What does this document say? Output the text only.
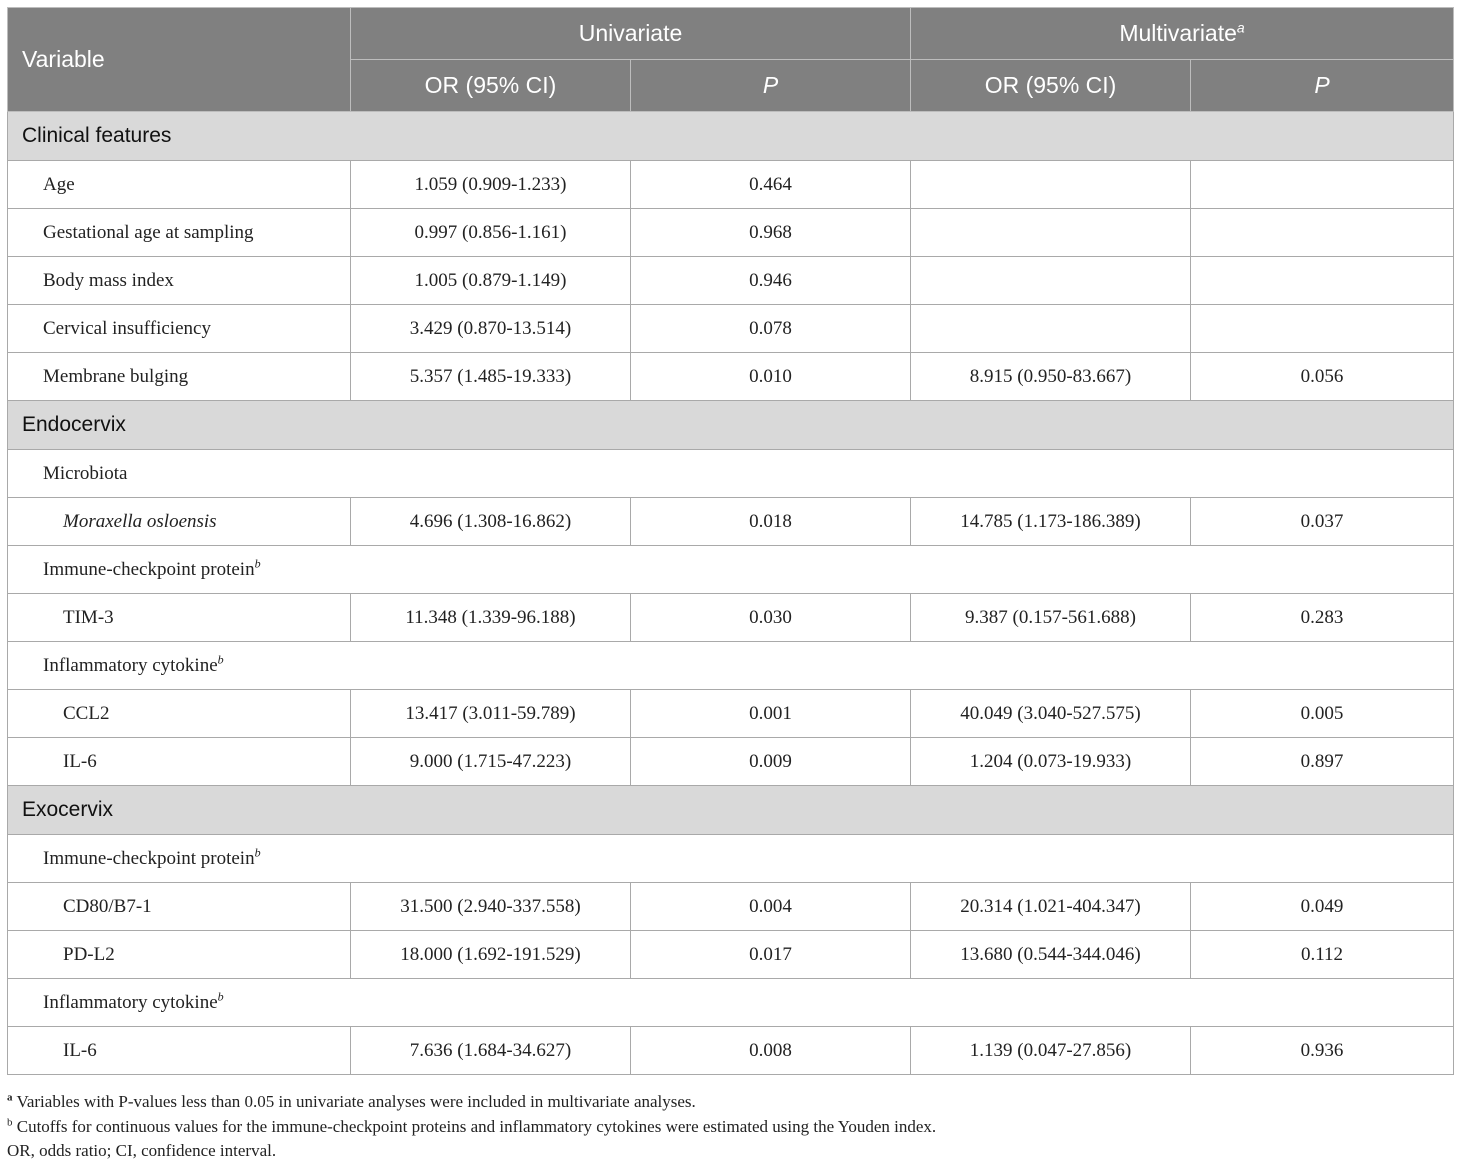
Variable	Univariate		Multivariate$^a$
	OR (95% CI)	P	OR (95% CI)	P
Clinical features				
Age	1.059 (0.909-1.233)	0.464		
Gestational age at sampling	0.997 (0.856-1.161)	0.968		
Body mass index	1.005 (0.879-1.149)	0.946		
Cervical insufficiency	3.429 (0.870-13.514)	0.078		
Membrane bulging	5.357 (1.485-19.333)	0.010	8.915 (0.950-83.667)	0.056
Endocervix				
Microbiota				
Moraxella osloensis	4.696 (1.308-16.862)	0.018	14.785 (1.173-186.389)	0.037
Immune-checkpoint protein$^b$
TIM-3	11.348 (1.339-96.188)	0.030	9.387 (0.157-561.688)	0.283
Inflammatory cytokine$^b$
CCL2	13.417 (3.011-59.789)	0.001	40.049 (3.040-527.575)	0.005
IL-6	9.000 (1.715-47.223)	0.009	1.204 (0.073-19.933)	0.897
Exocervix				
Immune-checkpoint protein$^b$
CD80/B7-1	31.500 (2.940-337.558)	0.004	20.314 (1.021-404.347)	0.049
PD-L2	18.000 (1.692-191.529)	0.017	13.680 (0.544-344.046)	0.112
Inflammatory cytokine$^b$
IL-6	7.636 (1.684-34.627)	0.008	1.139 (0.047-27.856)	0.936
$^a$ Variables with P-values less than 0.05 in univariate analyses were included in multivariate analyses.
$^b$ Cutoffs for continuous values for the immune-checkpoint proteins and inflammatory cytokines were estimated using the Youden index.
OR, odds ratio; CI, confidence interval.
